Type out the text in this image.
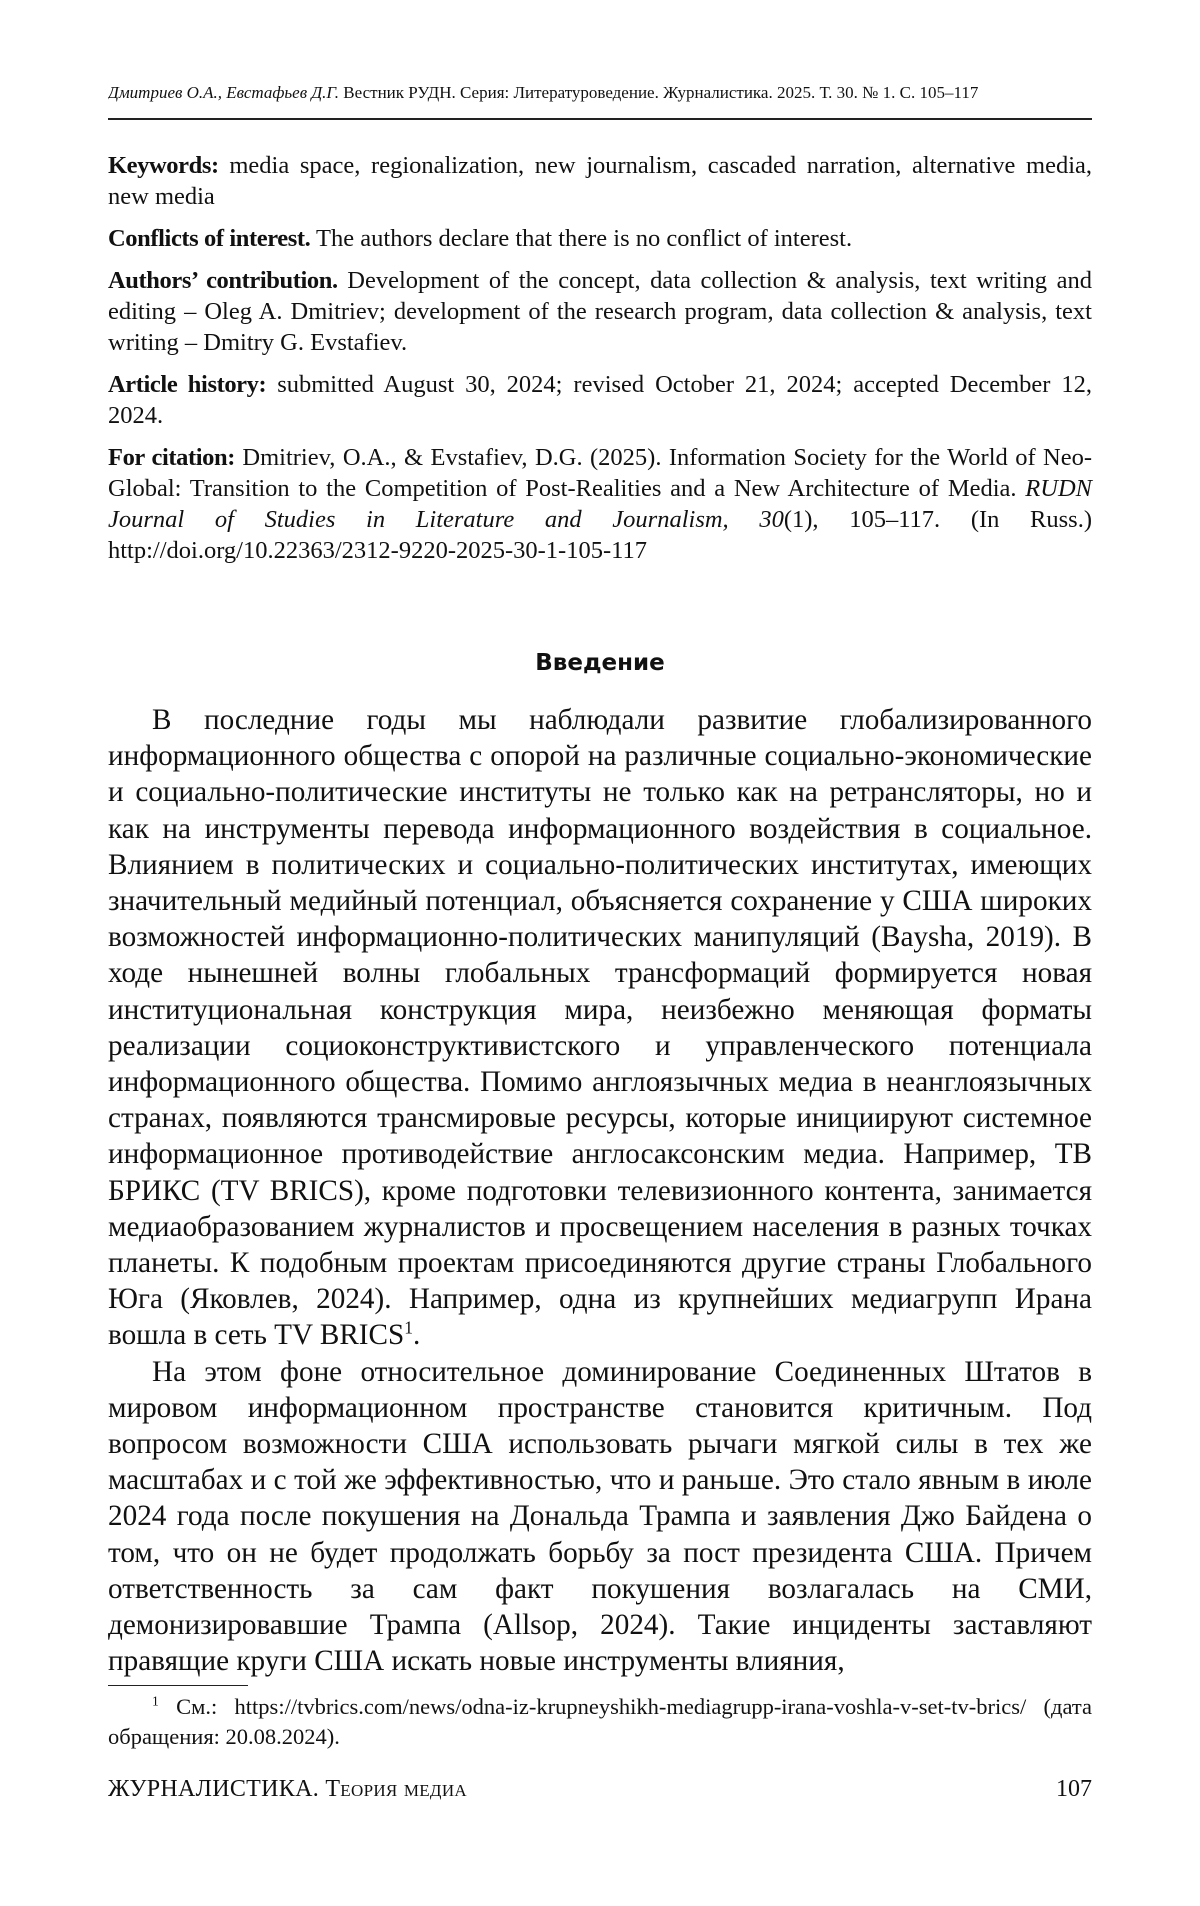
Дмитриев О.А., Евстафьев Д.Г. Вестник РУДН. Серия: Литературоведение. Журналистика. 2025. Т. 30. № 1. С. 105–117

Keywords: media space, regionalization, new journalism, cascaded narration, alternative media, new media

Conflicts of interest. The authors declare that there is no conflict of interest.

Authors’ contribution. Development of the concept, data collection & analysis, text writing and editing – Oleg A. Dmitriev; development of the research program, data collection & analysis, text writing – Dmitry G. Evstafiev.

Article history: submitted August 30, 2024; revised October 21, 2024; accepted December 12, 2024.

For citation: Dmitriev, O.A., & Evstafiev, D.G. (2025). Information Society for the World of Neo-Global: Transition to the Competition of Post-Realities and a New Architecture of Media. RUDN Journal of Studies in Literature and Journalism, 30(1), 105–117. (In Russ.) http://doi.org/10.22363/2312-9220-2025-30-1-105-117

Введение

В последние годы мы наблюдали развитие глобализированного информационного общества с опорой на различные социально-экономические и социально-политические институты не только как на ретрансляторы, но и как на инструменты перевода информационного воздействия в социальное. Влиянием в политических и социально-политических институтах, имеющих значительный медийный потенциал, объясняется сохранение у США широких возможностей информационно-политических манипуляций (Baysha, 2019). В ходе нынешней волны глобальных трансформаций формируется новая институциональная конструкция мира, неизбежно меняющая форматы реализации социоконструктивистского и управленческого потенциала информационного общества. Помимо англоязычных медиа в неанглоязычных странах, появляются трансмировые ресурсы, которые инициируют системное информационное противодействие англосаксонским медиа. Например, ТВ БРИКС (TV BRICS), кроме подготовки телевизионного контента, занимается медиаобразованием журналистов и просвещением населения в разных точках планеты. К подобным проектам присоединяются другие страны Глобального Юга (Яковлев, 2024). Например, одна из крупнейших медиагрупп Ирана вошла в сеть TV BRICS$^1$.

На этом фоне относительное доминирование Соединенных Штатов в мировом информационном пространстве становится критичным. Под вопросом возможности США использовать рычаги мягкой силы в тех же масштабах и с той же эффективностью, что и раньше. Это стало явным в июле 2024 года после покушения на Дональда Трампа и заявления Джо Байдена о том, что он не будет продолжать борьбу за пост президента США. Причем ответственность за сам факт покушения возлагалась на СМИ, демонизировавшие Трампа (Allsop, 2024). Такие инциденты заставляют правящие круги США искать новые инструменты влияния,

$^1$ См.: https://tvbrics.com/news/odna-iz-krupneyshikh-mediagrupp-irana-voshla-v-set-tv-brics/ (дата обращения: 20.08.2024).
ЖУРНАЛИСТИКА. Теория медиа	107
